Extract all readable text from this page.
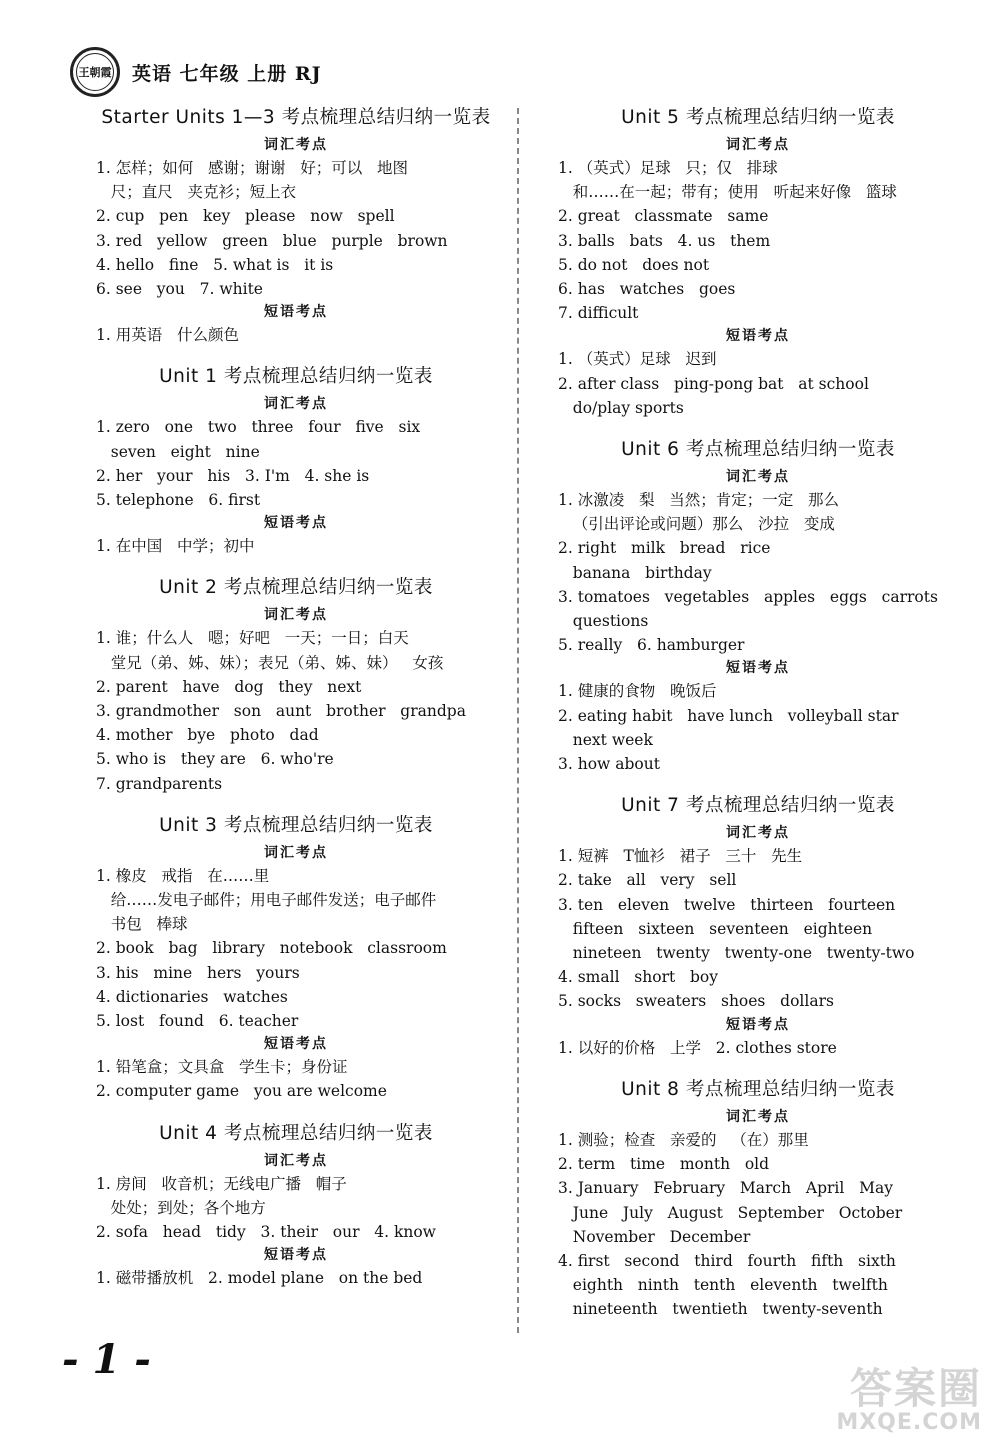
王朝霞 英语 七年级 上册 RJ
Starter Units 1—3 考点梳理总结归纳一览表
词汇考点
1. 怎样；如何   感谢；谢谢   好；可以   地图
尺；直尺   夹克衫；短上衣
2. cup   pen   key   please   now   spell
3. red   yellow   green   blue   purple   brown
4. hello   fine   5. what is   it is
6. see   you   7. white
短语考点
1. 用英语   什么颜色
Unit 1 考点梳理总结归纳一览表
词汇考点
1. zero   one   two   three   four   five   six
seven   eight   nine
2. her   your   his   3. I'm   4. she is
5. telephone   6. first
短语考点
1. 在中国   中学；初中
Unit 2 考点梳理总结归纳一览表
词汇考点
1. 谁；什么人   嗯；好吧   一天；一日；白天
堂兄（弟、姊、妹）；表兄（弟、姊、妹）   女孩
2. parent   have   dog   they   next
3. grandmother   son   aunt   brother   grandpa
4. mother   bye   photo   dad
5. who is   they are   6. who're
7. grandparents
Unit 3 考点梳理总结归纳一览表
词汇考点
1. 橡皮   戒指   在……里
给……发电子邮件；用电子邮件发送；电子邮件
书包   棒球
2. book   bag   library   notebook   classroom
3. his   mine   hers   yours
4. dictionaries   watches
5. lost   found   6. teacher
短语考点
1. 铅笔盒；文具盒   学生卡；身份证
2. computer game   you are welcome
Unit 4 考点梳理总结归纳一览表
词汇考点
1. 房间   收音机；无线电广播   帽子
处处；到处；各个地方
2. sofa   head   tidy   3. their   our   4. know
短语考点
1. 磁带播放机   2. model plane   on the bed
Unit 5 考点梳理总结归纳一览表
词汇考点
1. （英式）足球   只；仅   排球
和……在一起；带有；使用   听起来好像   篮球
2. great   classmate   same
3. balls   bats   4. us   them
5. do not   does not
6. has   watches   goes
7. difficult
短语考点
1. （英式）足球   迟到
2. after class   ping-pong bat   at school
do/play sports
Unit 6 考点梳理总结归纳一览表
词汇考点
1. 冰激凌   梨   当然；肯定；一定   那么
（引出评论或问题）那么   沙拉   变成
2. right   milk   bread   rice
banana   birthday
3. tomatoes   vegetables   apples   eggs   carrots
questions
5. really   6. hamburger
短语考点
1. 健康的食物   晚饭后
2. eating habit   have lunch   volleyball star
next week
3. how about
Unit 7 考点梳理总结归纳一览表
词汇考点
1. 短裤   T恤衫   裙子   三十   先生
2. take   all   very   sell
3. ten   eleven   twelve   thirteen   fourteen
fifteen   sixteen   seventeen   eighteen
nineteen   twenty   twenty-one   twenty-two
4. small   short   boy
5. socks   sweaters   shoes   dollars
短语考点
1. 以好的价格   上学   2. clothes store
Unit 8 考点梳理总结归纳一览表
词汇考点
1. 测验；检查   亲爱的   （在）那里
2. term   time   month   old
3. January   February   March   April   May
June   July   August   September   October
November   December
4. first   second   third   fourth   fifth   sixth
eighth   ninth   tenth   eleventh   twelfth
nineteenth   twentieth   twenty-seventh
- 1 -
答案圈
MXQE.COM
